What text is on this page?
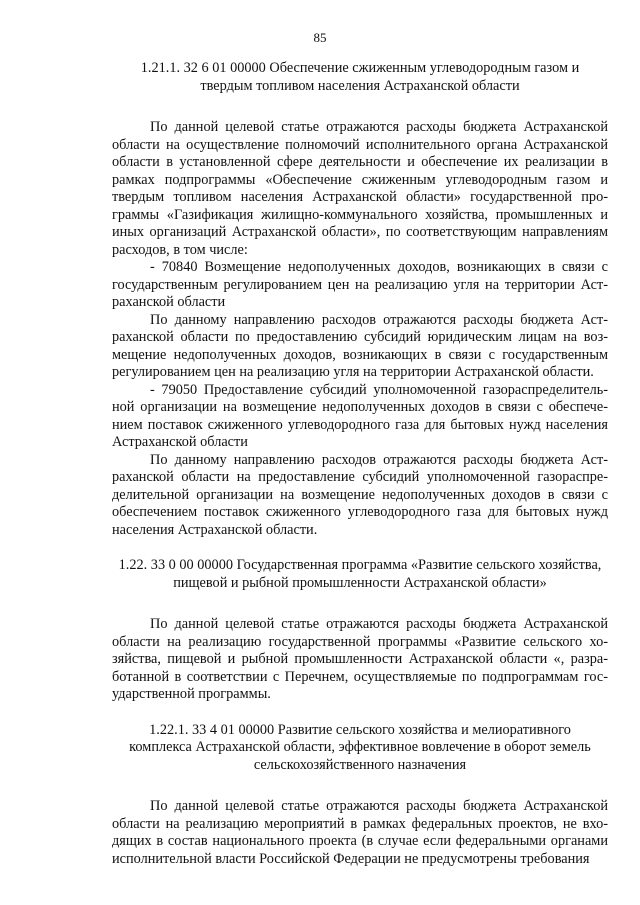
85

1.21.1. 32 6 01 00000 Обеспечение сжиженным углеводородным газом и твердым топливом населения Астраханской области

По данной целевой статье отражаются расходы бюджета Астраханской области на осуществление полномочий исполнительного органа Астраханской области в установленной сфере деятельности и обеспечение их реализации в рамках подпрограммы «Обеспечение сжиженным углеводородным газом и твердым топливом населения Астраханской области» государственной программы «Газификация жилищно-коммунального хозяйства, промышленных и иных организаций Астраханской области», по соответствующим направлениям расходов, в том числе:

- 70840 Возмещение недополученных доходов, возникающих в связи с государственным регулированием цен на реализацию угля на территории Астраханской области

По данному направлению расходов отражаются расходы бюджета Астраханской области по предоставлению субсидий юридическим лицам на возмещение недополученных доходов, возникающих в связи с государственным регулированием цен на реализацию угля на территории Астраханской области.

- 79050 Предоставление субсидий уполномоченной газораспределительной организации на возмещение недополученных доходов в связи с обеспечением поставок сжиженного углеводородного газа для бытовых нужд населения Астраханской области

По данному направлению расходов отражаются расходы бюджета Астраханской области на предоставление субсидий уполномоченной газораспределительной организации на возмещение недополученных доходов в связи с обеспечением поставок сжиженного углеводородного газа для бытовых нужд населения Астраханской области.

1.22. 33 0 00 00000 Государственная программа «Развитие сельского хозяйства, пищевой и рыбной промышленности Астраханской области»

По данной целевой статье отражаются расходы бюджета Астраханской области на реализацию государственной программы «Развитие сельского хозяйства, пищевой и рыбной промышленности Астраханской области «, разработанной в соответствии с Перечнем, осуществляемые по подпрограммам государственной программы.

1.22.1. 33 4 01 00000 Развитие сельского хозяйства и мелиоративного комплекса Астраханской области, эффективное вовлечение в оборот земель сельскохозяйственного назначения

По данной целевой статье отражаются расходы бюджета Астраханской области на реализацию мероприятий в рамках федеральных проектов, не входящих в состав национального проекта (в случае если федеральными органами исполнительной власти Российской Федерации не предусмотрены требования
